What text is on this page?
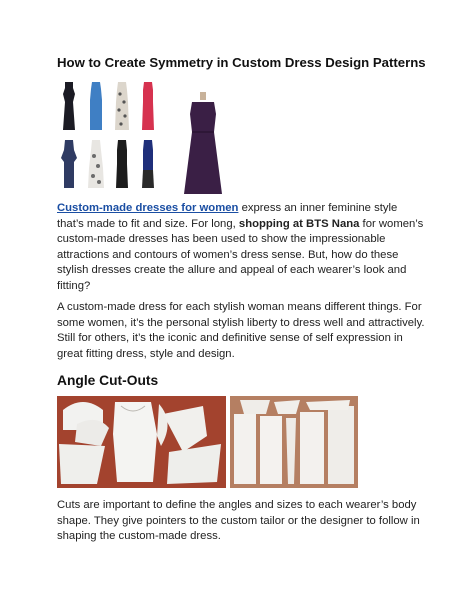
How to Create Symmetry in Custom Dress Design Patterns

Custom-made dresses for women express an inner feminine style that’s made to fit and size. For long, shopping at BTS Nana for women’s custom-made dresses has been used to show the impressionable attractions and contours of women’s dress sense. But, how do these stylish dresses create the allure and appeal of each wearer’s look and fitting?

A custom-made dress for each stylish woman means different things. For some women, it’s the personal stylish liberty to dress well and attractively. Still for others, it’s the iconic and definitive sense of self expression in great fitting dress, style and design.

Angle Cut-Outs

Cuts are important to define the angles and sizes to each wearer’s body shape. They give pointers to the custom tailor or the designer to follow in shaping the custom-made dress.
